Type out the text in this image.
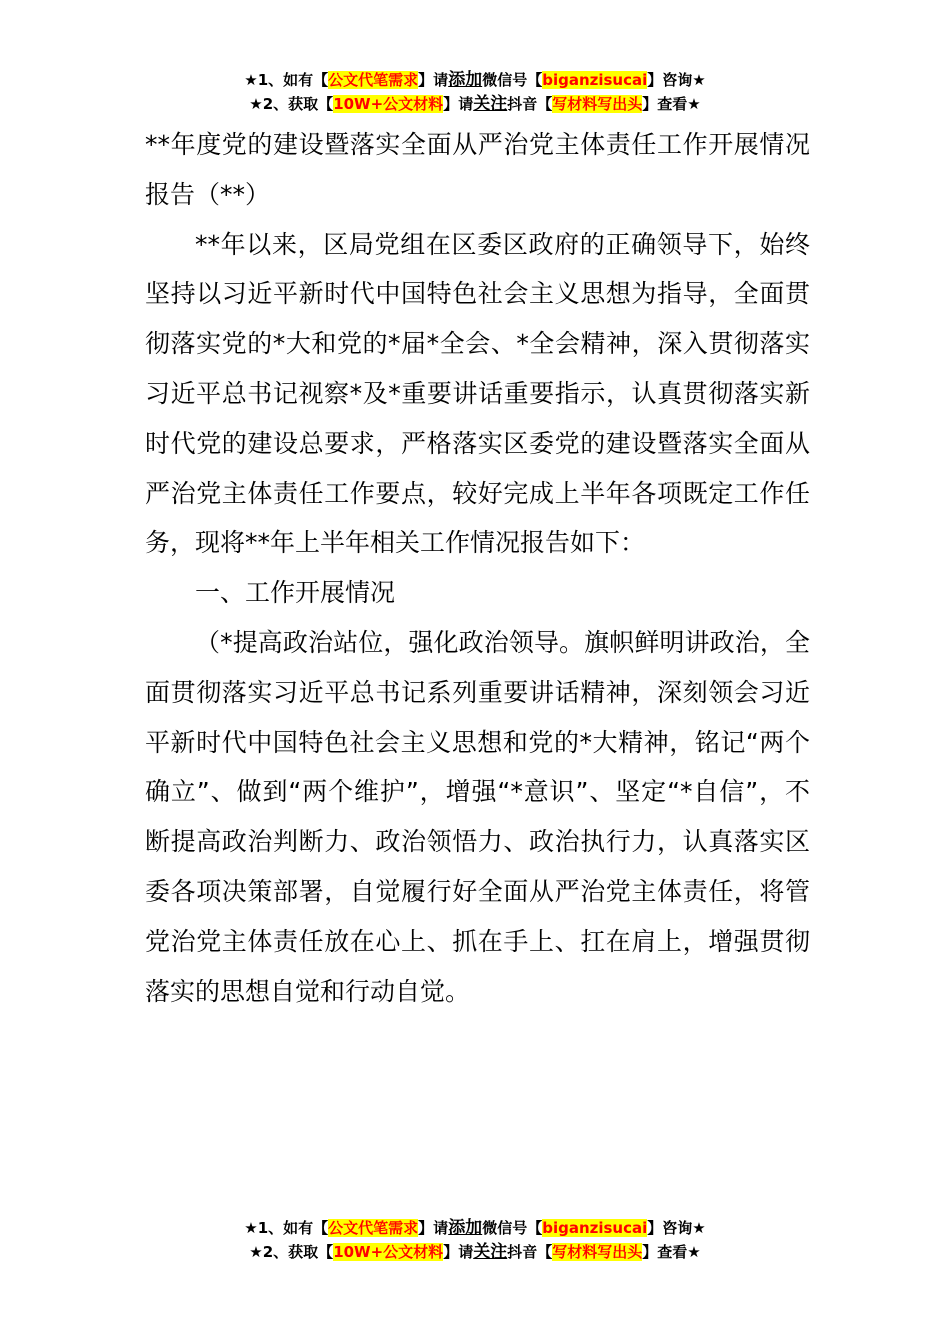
★1、如有【公文代笔需求】请添加微信号【biganzisucai】咨询★
★2、获取【10W+公文材料】请关注抖音【写材料写出头】查看★

**年度党的建设暨落实全面从严治党主体责任工作开展情况报告（**）

**年以来，区局党组在区委区政府的正确领导下，始终坚持以习近平新时代中国特色社会主义思想为指导，全面贯彻落实党的*大和党的*届*全会、*全会精神，深入贯彻落实习近平总书记视察*及*重要讲话重要指示，认真贯彻落实新时代党的建设总要求，严格落实区委党的建设暨落实全面从严治党主体责任工作要点，较好完成上半年各项既定工作任务，现将**年上半年相关工作情况报告如下：

一、工作开展情况

（*提高政治站位，强化政治领导。旗帜鲜明讲政治，全面贯彻落实习近平总书记系列重要讲话精神，深刻领会习近平新时代中国特色社会主义思想和党的*大精神，铭记“两个确立”、做到“两个维护”，增强“*意识”、坚定“*自信”，不断提高政治判断力、政治领悟力、政治执行力，认真落实区委各项决策部署，自觉履行好全面从严治党主体责任，将管党治党主体责任放在心上、抓在手上、扛在肩上，增强贯彻落实的思想自觉和行动自觉。

★1、如有【公文代笔需求】请添加微信号【biganzisucai】咨询★
★2、获取【10W+公文材料】请关注抖音【写材料写出头】查看★
